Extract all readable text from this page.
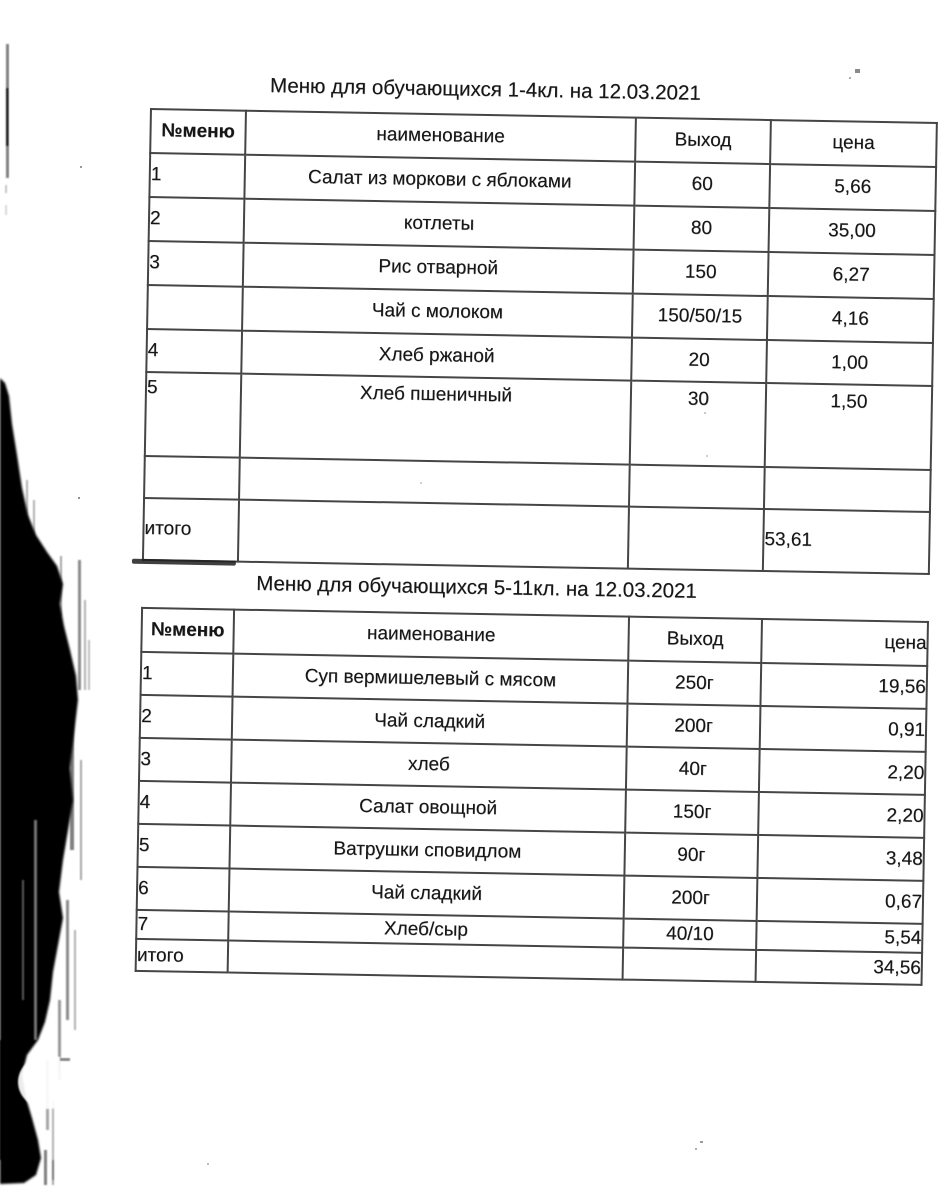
Меню для обучающихся 1-4кл. на 12.03.2021
№меню	наименование	Выход	цена
1	Салат из моркови с яблоками	60	5,66
2	котлеты	80	35,00
3	Рис отварной	150	6,27
	Чай с молоком	150/50/15	4,16
4	Хлеб ржаной	20	1,00
5	Хлеб пшеничный	30	1,50

итого			53,61
Меню для обучающихся 5-11кл. на 12.03.2021
№меню	наименование	Выход	цена
1	Суп вермишелевый с мясом	250г	19,56
2	Чай сладкий	200г	0,91
3	хлеб	40г	2,20
4	Салат овощной	150г	2,20
5	Ватрушки сповидлом	90г	3,48
6	Чай сладкий	200г	0,67
7	Хлеб/сыр	40/10	5,54
итого			34,56
